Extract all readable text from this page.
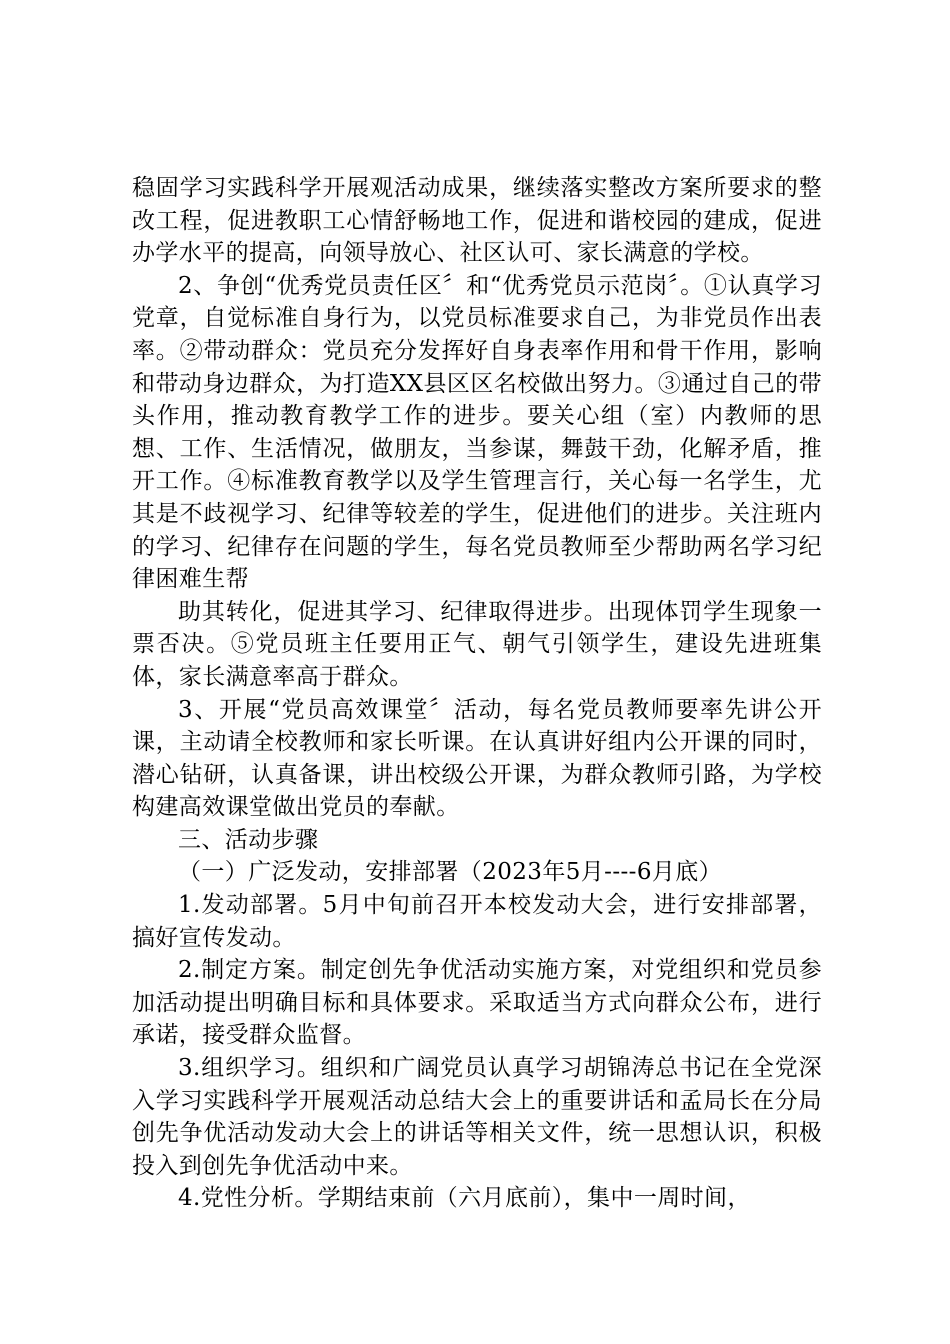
稳固学习实践科学开展观活动成果，继续落实整改方案所要求的整改工程，促进教职工心情舒畅地工作，促进和谐校园的建成，促进办学水平的提高，向领导放心、社区认可、家长满意的学校。

2、争创“优秀党员责任区〞和“优秀党员示范岗〞。①认真学习党章，自觉标准自身行为，以党员标准要求自己，为非党员作出表率。②带动群众：党员充分发挥好自身表率作用和骨干作用，影响和带动身边群众，为打造XX县区区名校做出努力。③通过自己的带头作用，推动教育教学工作的进步。要关心组（室）内教师的思想、工作、生活情况，做朋友，当参谋，舞鼓干劲，化解矛盾，推开工作。④标准教育教学以及学生管理言行，关心每一名学生，尤其是不歧视学习、纪律等较差的学生，促进他们的进步。关注班内的学习、纪律存在问题的学生，每名党员教师至少帮助两名学习纪律困难生帮

助其转化，促进其学习、纪律取得进步。出现体罚学生现象一票否决。⑤党员班主任要用正气、朝气引领学生，建设先进班集体，家长满意率高于群众。

3、开展“党员高效课堂〞活动，每名党员教师要率先讲公开课，主动请全校教师和家长听课。在认真讲好组内公开课的同时，潜心钻研，认真备课，讲出校级公开课，为群众教师引路，为学校构建高效课堂做出党员的奉献。

三、活动步骤

（一）广泛发动，安排部署（2023年5月----6月底）

1.发动部署。5月中旬前召开本校发动大会，进行安排部署，搞好宣传发动。

2.制定方案。制定创先争优活动实施方案，对党组织和党员参加活动提出明确目标和具体要求。采取适当方式向群众公布，进行承诺，接受群众监督。

3.组织学习。组织和广阔党员认真学习胡锦涛总书记在全党深入学习实践科学开展观活动总结大会上的重要讲话和孟局长在分局创先争优活动发动大会上的讲话等相关文件，统一思想认识，积极投入到创先争优活动中来。

4.党性分析。学期结束前（六月底前），集中一周时间，
